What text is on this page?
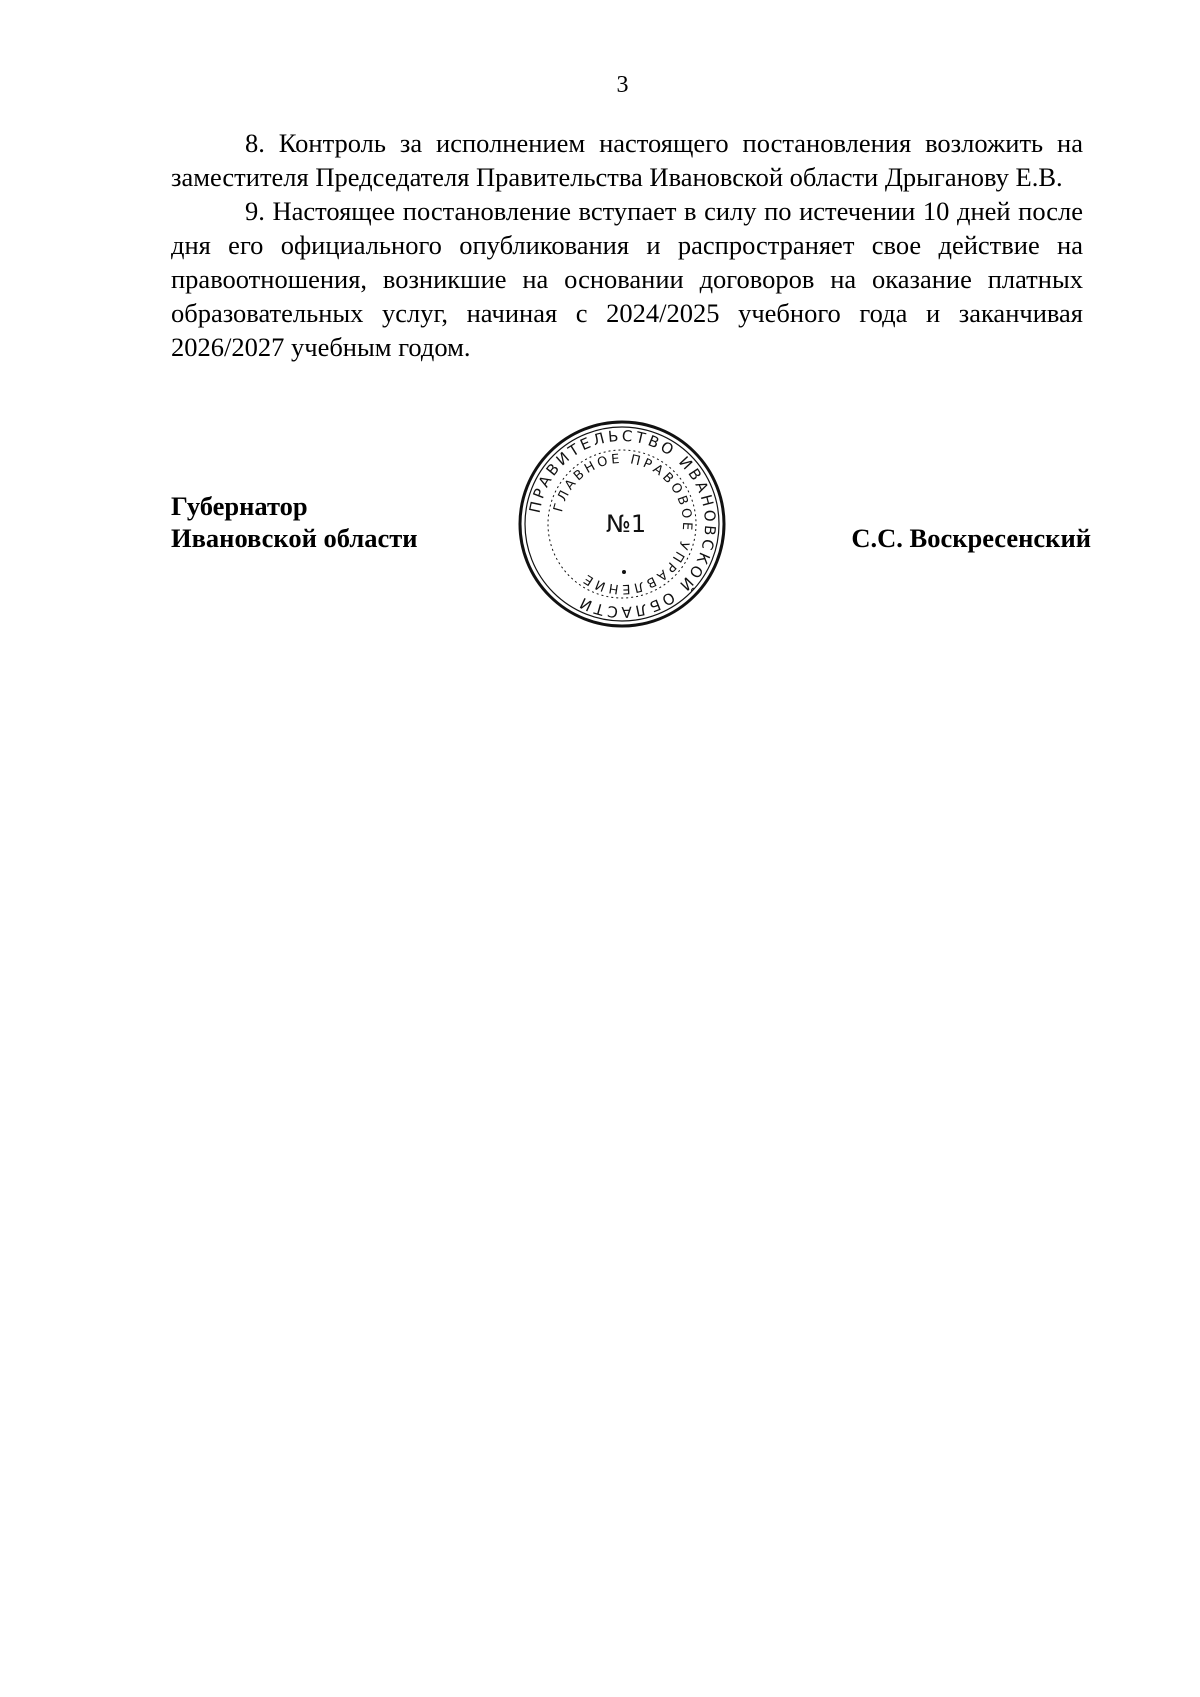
3

8. Контроль за исполнением настоящего постановления возложить на заместителя Председателя Правительства Ивановской области Дрыганову Е.В.

9. Настоящее постановление вступает в силу по истечении 10 дней после дня его официального опубликования и распространяет свое действие на правоотношения, возникшие на основании договоров на оказание платных образовательных услуг, начиная с 2024/2025 учебного года и заканчивая 2026/2027 учебным годом.

Губернатор
Ивановской области	С.С. Воскресенский
ПРАВИТЕЛЬСТВО ИВАНОВСКОЙ ОБЛАСТИ
ГЛАВНОЕ ПРАВОВОЕ УПРАВЛЕНИЕ
№1
